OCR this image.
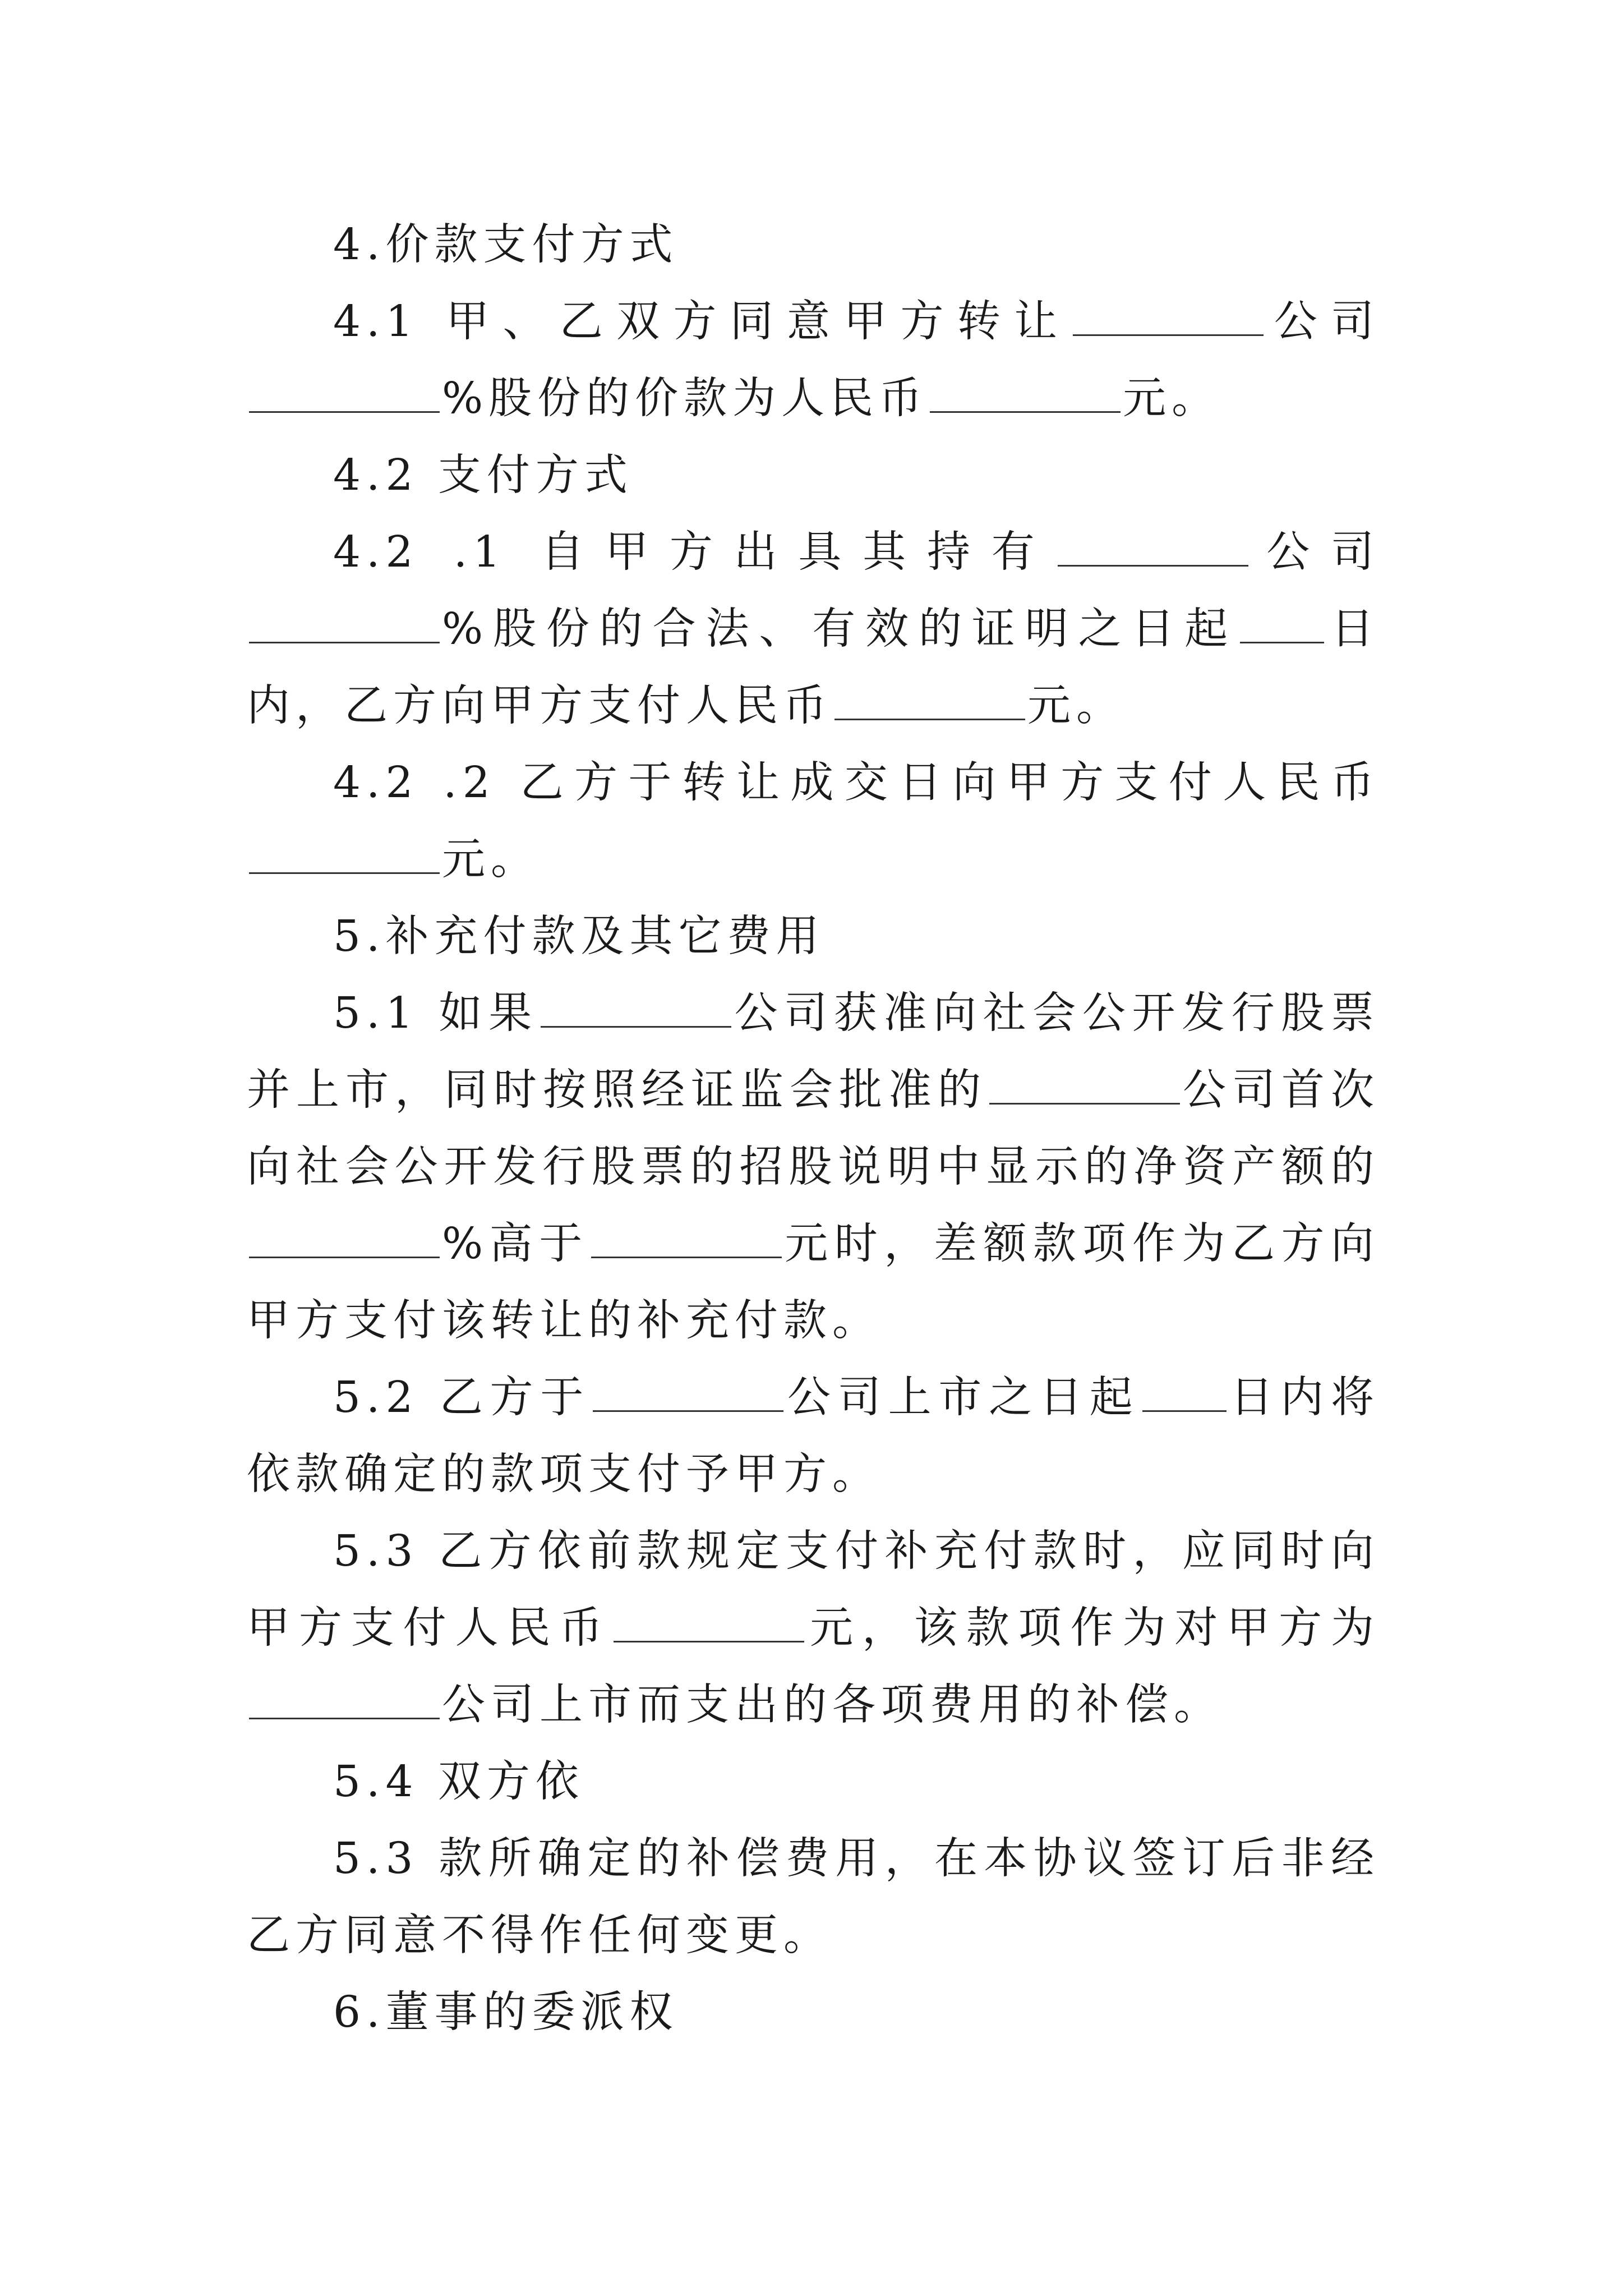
4.价款支付方式

4.1 甲、乙双方同意甲方转让	公司%股份的价款为人民币	元。

4.2 支付方式

4.2 .1 自甲方出具其持有	公司%股份的合法、有效的证明之日起 日内，乙方向甲方支付人民币	元。

4.2 .2 乙方于转让成交日向甲方支付人民币元。

5.补充付款及其它费用

5.1 如果	公司获准向社会公开发行股票并上市，同时按照经证监会批准的	公司首次向社会公开发行股票的招股说明中显示的净资产额的%高于	元时，差额款项作为乙方向甲方支付该转让的补充付款。

5.2 乙方于	公司上市之日起 日内将依款确定的款项支付予甲方。

5.3 乙方依前款规定支付补充付款时，应同时向甲方支付人民币	元，该款项作为对甲方为公司上市而支出的各项费用的补偿。

5.4 双方依

5.3 款所确定的补偿费用，在本协议签订后非经乙方同意不得作任何变更。

6.董事的委派权
